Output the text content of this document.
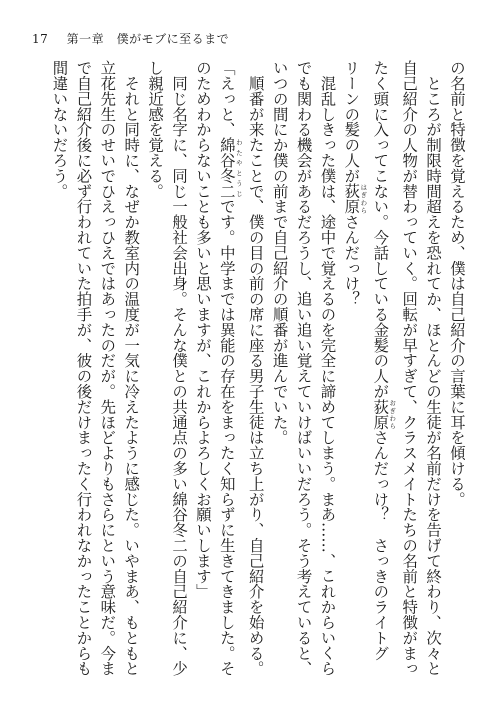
17 第一章　僕がモブに至るまで
の名前と特徴を覚えるため、僕は自己紹介の言葉に耳を傾ける。
　ところが制限時間超えを恐れてか、ほとんどの生徒が名前だけを告げて終わり、次々と
自己紹介の人物が替わっていく。回転が早すぎて、クラスメイトたちの名前と特徴がまっ
たく頭に入ってこない。今話している金髪の人が荻原 おぎわらさんだっけ？　さっきのライトグ
リーンの髪の人が荻原 はぎわらさんだっけ？
　混乱しきった僕は、途中で覚えるのを完全に諦めてしまう。まあ……、これからいくら
でも関わる機会があるだろうし、追い追い覚えていけばいいだろう。そう考えていると、
いつの間にか僕の前まで自己紹介の順番が進んでいた。
　順番が来たことで、僕の目の前の席に座る男子生徒は立ち上がり、自己紹介を始める。
「えっと、綿谷 わたや冬二 とうじです。中学までは異能の存在をまったく知らずに生きてきました。そ
のためわからないことも多いと思いますが、これからよろしくお願いします」
　同じ名字に、同じ一般社会出身。そんな僕との共通点の多い綿谷冬二の自己紹介に、少
し親近感を覚える。
　それと同時に、なぜか教室内の温度が一気に冷えたように感じた。いやまあ、もともと
立花先生のせいでひえっひえではあったのだが。先ほどよりもさらにという意味だ。今ま
で自己紹介後に必ず行われていた拍手が、彼の後だけまったく行われなかったことからも
間違いないだろう。
